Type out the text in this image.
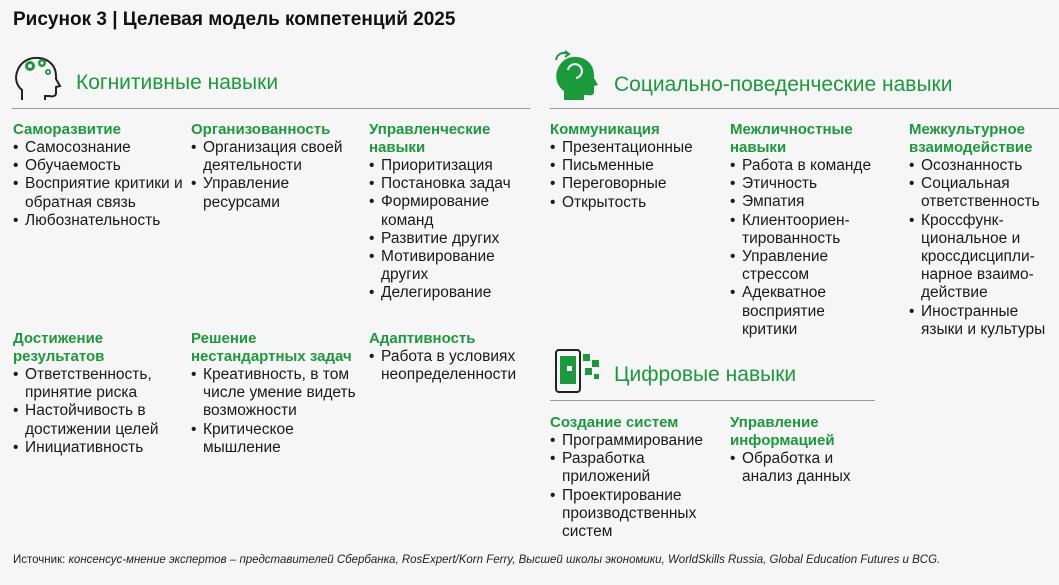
Рисунок 3 | Целевая модель компетенций 2025
Когнитивные навыки	Социально-поведенческие навыки
Саморазвитие
• Самосознание
• Обучаемость
• Восприятие критики и обратная связь
• Любознательность
Организованность
• Организация своей деятельности
• Управление ресурсами
Управленческие навыки
• Приоритизация
• Постановка задач
• Формирование команд
• Развитие других
• Мотивирование других
• Делегирование
Достижение результатов
• Ответственность, принятие риска
• Настойчивость в достижении целей
• Инициативность
Решение нестандартных задач
• Креативность, в том числе умение видеть возможности
• Критическое мышление
Адаптивность
• Работа в условиях неопределенности
Коммуникация
• Презентационные
• Письменные
• Переговорные
• Открытость
Межличностные навыки
• Работа в команде
• Этичность
• Эмпатия
• Клиентоориен-тированность
• Управление стрессом
• Адекватное восприятие критики
Межкультурное взаимодействие
• Осознанность
• Социальная ответственность
• Кроссфунк-циональное и кроссдисципли-нарное взаимо-действие
• Иностранные языки и культуры
Цифровые навыки
Создание систем
• Программирование
• Разработка приложений
• Проектирование производственных систем
Управление информацией
• Обработка и анализ данных
Источник: консенсус-мнение экспертов – представителей Сбербанка, RosExpert/Korn Ferry, Высшей школы экономики, WorldSkills Russia, Global Education Futures и BCG.
